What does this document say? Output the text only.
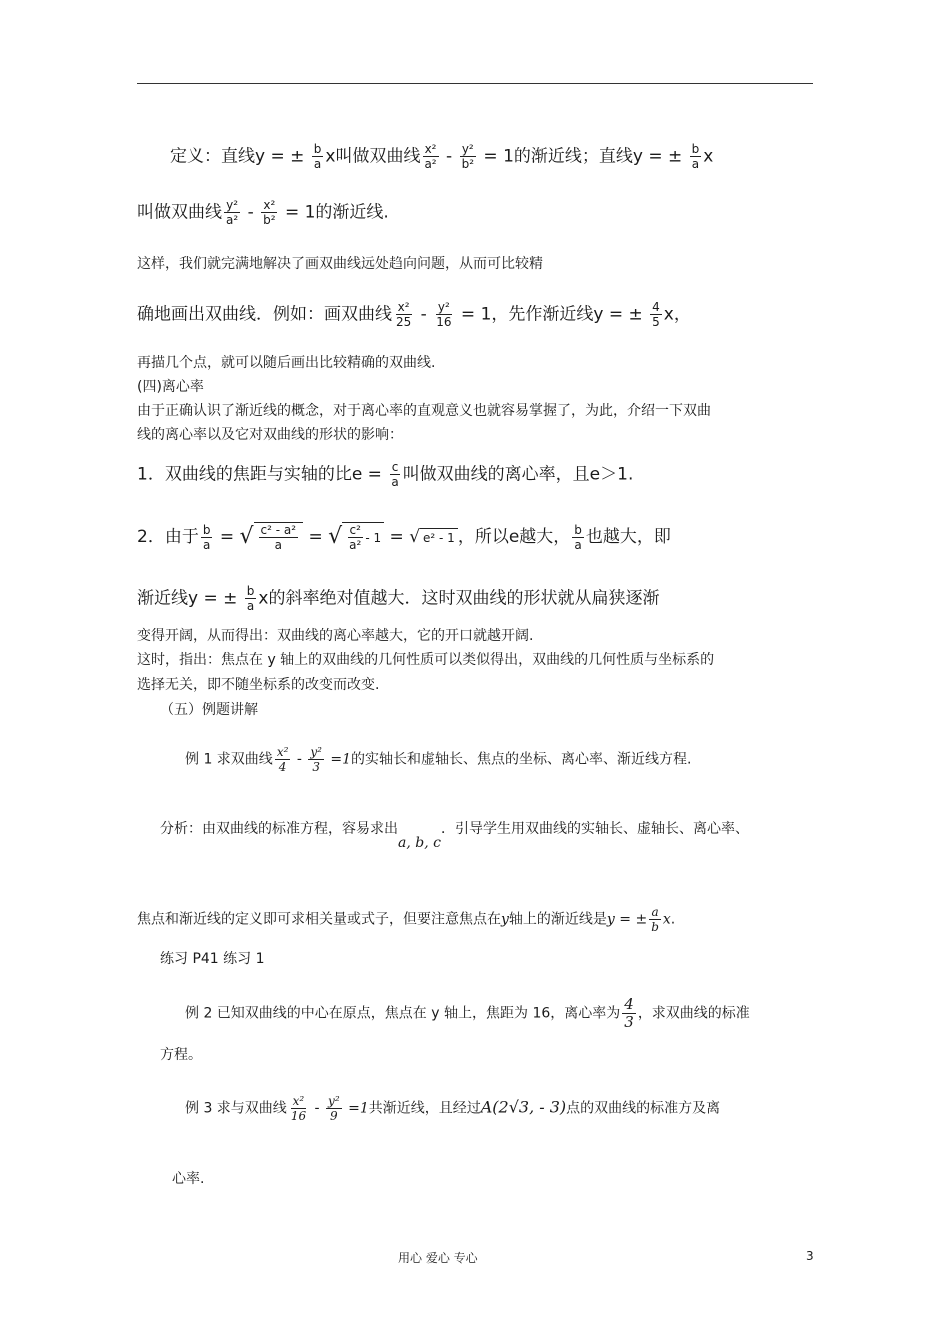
定义：直线y = ± $\frac{b}{a}$ x叫做双曲线 $\frac{\text{x²}}{\text{a²}} - \frac{\text{y²}}{\text{b²}} = 1$的渐近线；直线y = ± $\frac{b}{a}$ x
叫做双曲线 $\frac{\text{y²}}{\text{a²}} - \frac{\text{x²}}{\text{b²}} = 1$的渐近线.
这样，我们就完满地解决了画双曲线远处趋向问题，从而可比较精
确地画出双曲线．例如：画双曲线 $\frac{\text{x²}}{25} - \frac{\text{y²}}{16} = 1$，先作渐近线y = ± $\frac{4}{5}$ x，
再描几个点，就可以随后画出比较精确的双曲线.
(四)离心率
由于正确认识了渐近线的概念，对于离心率的直观意义也就容易掌握了，为此，介绍一下双曲
线的离心率以及它对双曲线的形状的影响：
1．双曲线的焦距与实轴的比$e = \frac{c}{a}$ 叫做双曲线的离心率，且e＞1.
2．由于 $\frac{b}{a}$ = √ $\frac{\text{c² - a²}}{a}$ = √ $\frac{\text{c²}}{\text{a²}} - 1$ = √ e² - 1 ，所以e越大， $\frac{b}{a}$ 也越大，即
渐近线y = ± $\frac{b}{a}$ x的斜率绝对值越大．这时双曲线的形状就从扁狭逐渐
变得开阔，从而得出：双曲线的离心率越大，它的开口就越开阔.
这时，指出：焦点在 y 轴上的双曲线的几何性质可以类似得出，双曲线的几何性质与坐标系的
选择无关，即不随坐标系的改变而改变.
（五）例题讲解
例 1 求双曲线 $\frac{\text{x²}}{4} - \frac{\text{y²}}{3} =1$的实轴长和虚轴长、焦点的坐标、离心率、渐近线方程.
分析：由双曲线的标准方程，容易求出a, b, c．引导学生用双曲线的实轴长、虚轴长、离心率、
焦点和渐近线的定义即可求相关量或式子，但要注意焦点在y轴上的渐近线是y = ± $\frac{a}{b} x$.
练习 P41 练习 1
例 2 已知双曲线的中心在原点，焦点在 y 轴上，焦距为 16，离心率为 $\frac{4}{3}$ ，求双曲线的标准
方程。
例 3 求与双曲线 $\frac{\text{x²}}{16} - \frac{\text{y²}}{9} =1$共渐近线，且经过A(2√3, - 3)点的双曲线的标准方及离
心率.
用心 爱心 专心	3
